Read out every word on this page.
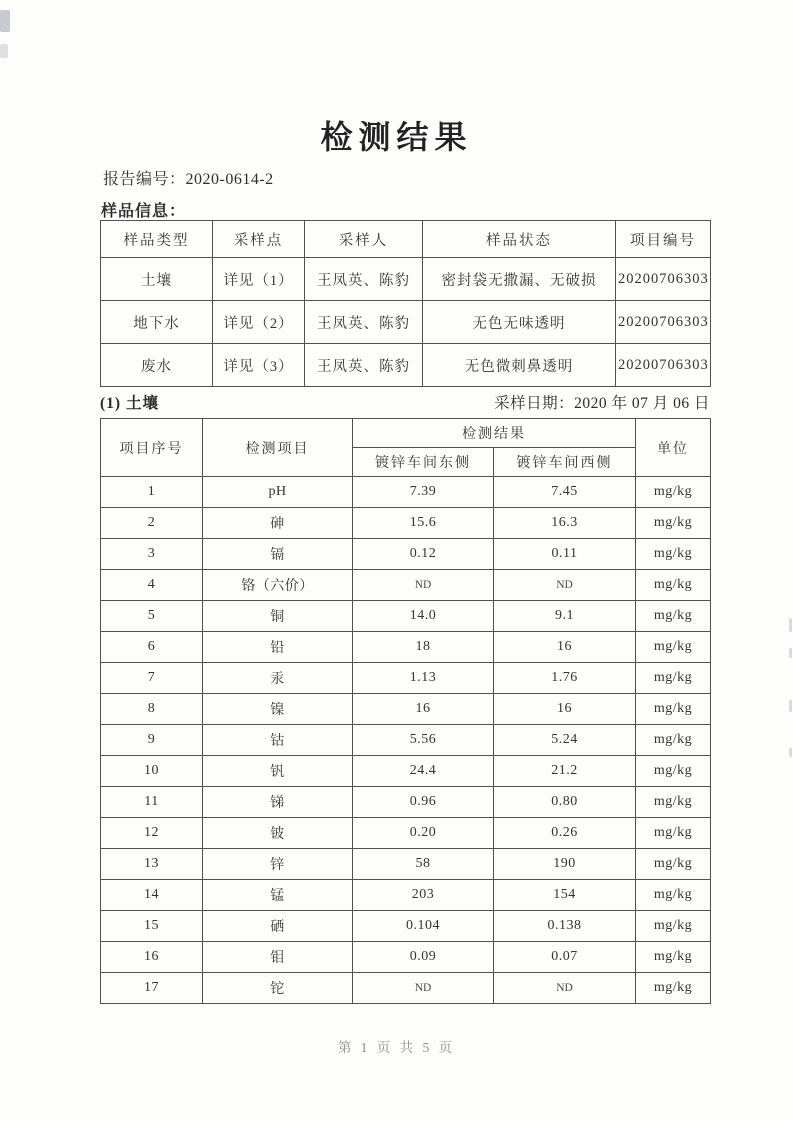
检测结果
报告编号：2020-0614-2
样品信息：
样品类型	采样点	采样人	样品状态	项目编号
土壤	详见（1）	王凤英、陈豹	密封袋无撒漏、无破损	20200706303
地下水	详见（2）	王凤英、陈豹	无色无味透明	20200706303
废水	详见（3）	王凤英、陈豹	无色微刺鼻透明	20200706303
(1) 土壤	采样日期：2020 年 07 月 06 日
项目序号	检测项目	检测结果		单位
		镀锌车间东侧	镀锌车间西侧	
1	pH	7.39	7.45	mg/kg
2	砷	15.6	16.3	mg/kg
3	镉	0.12	0.11	mg/kg
4	铬（六价）	ND	ND	mg/kg
5	铜	14.0	9.1	mg/kg
6	铅	18	16	mg/kg
7	汞	1.13	1.76	mg/kg
8	镍	16	16	mg/kg
9	钴	5.56	5.24	mg/kg
10	钒	24.4	21.2	mg/kg
11	锑	0.96	0.80	mg/kg
12	铍	0.20	0.26	mg/kg
13	锌	58	190	mg/kg
14	锰	203	154	mg/kg
15	硒	0.104	0.138	mg/kg
16	钼	0.09	0.07	mg/kg
17	铊	ND	ND	mg/kg
第 1 页 共 5 页
